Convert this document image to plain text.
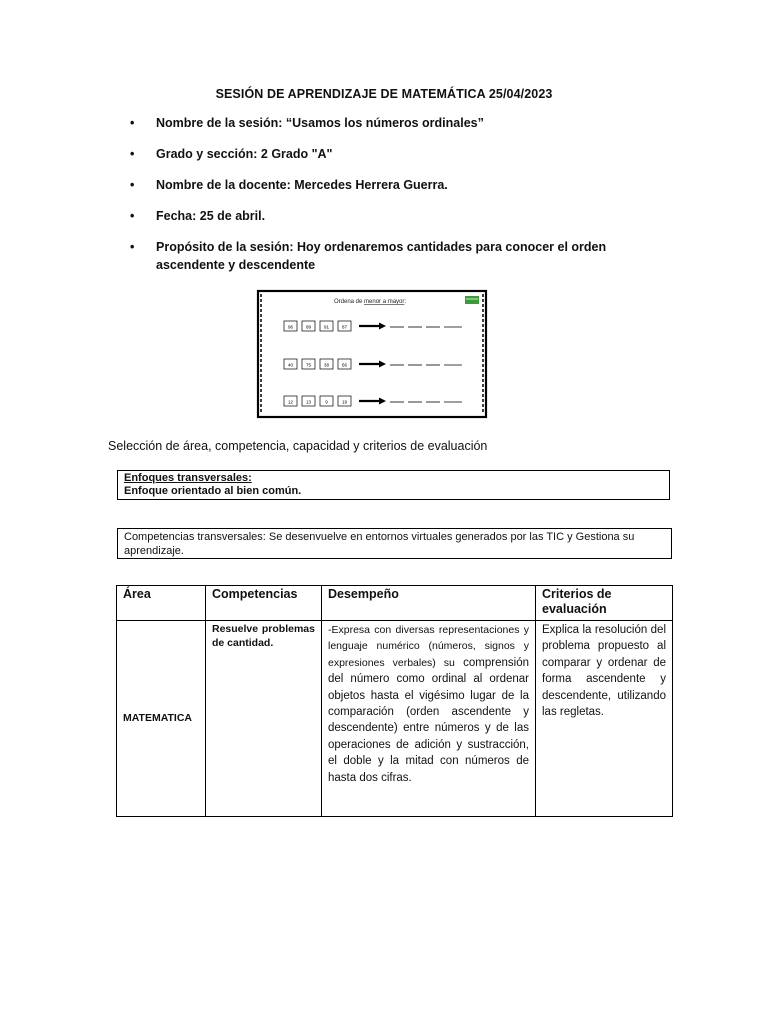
SESIÓN DE APRENDIZAJE DE MATEMÁTICA 25/04/2023
• Nombre de la sesión: “Usamos los números ordinales”
• Grado y sección: 2 Grado "A"
• Nombre de la docente: Mercedes Herrera Guerra.
• Fecha: 25 de abril.
• Propósito de la sesión: Hoy ordenaremos cantidades para conocer el orden ascendente y descendente
Ordena de menor a mayor:
96	89	91	87
40	75	38	66
12	13	9	19
Selección de área, competencia, capacidad y criterios de evaluación
Enfoques transversales:
Enfoque orientado al bien común.
Competencias transversales: Se desenvuelve en entornos virtuales generados por las TIC y Gestiona su aprendizaje.
Área	Competencias	Desempeño	Criterios de evaluación
MATEMATICA	Resuelve problemas de cantidad.	-Expresa con diversas representaciones y lenguaje numérico (números, signos y expresiones verbales) su comprensión del número como ordinal al ordenar objetos hasta el vigésimo lugar de la comparación (orden ascendente y descendente) entre números y de las operaciones de adición y sustracción, el doble y la mitad con números de hasta dos cifras.	Explica la resolución del problema propuesto al comparar y ordenar de forma ascendente y descendente, utilizando las regletas.
